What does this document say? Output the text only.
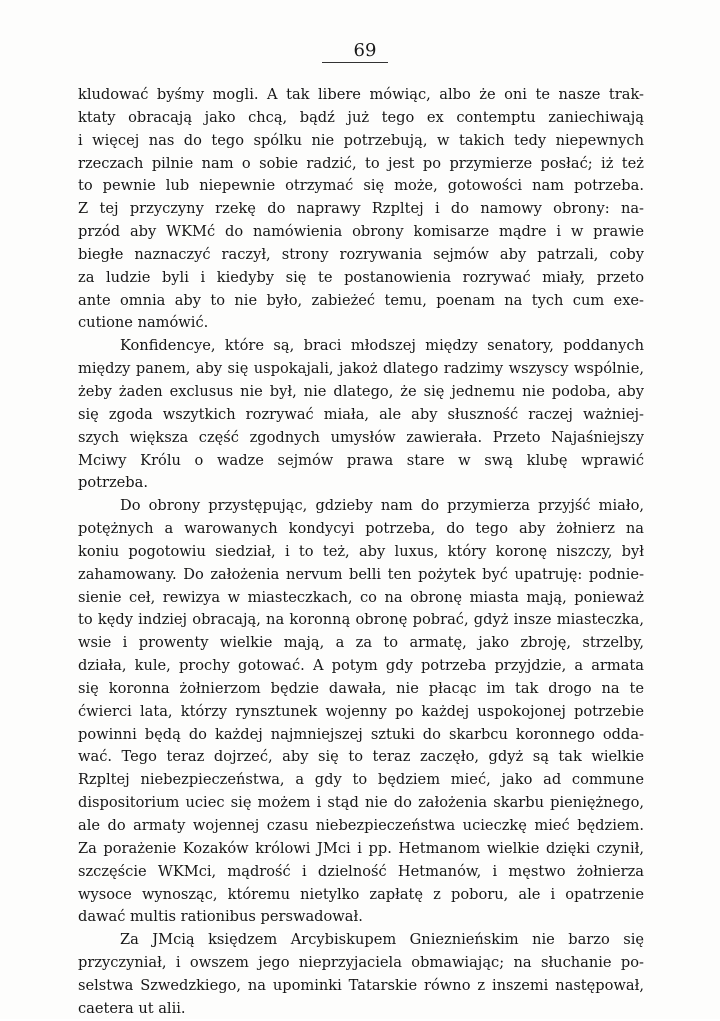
69
kludować byśmy mogli. A tak libere mówiąc, albo że oni te nasze trak-
ktaty obracają jako chcą, bądź już tego ex contemptu zaniechiwają
i więcej nas do tego spólku nie potrzebują, w takich tedy niepewnych
rzeczach pilnie nam o sobie radzić, to jest po przymierze posłać; iż też
to pewnie lub niepewnie otrzymać się może, gotowości nam potrzeba.
Z tej przyczyny rzekę do naprawy Rzpltej i do namowy obrony: na-
przód aby WKMć do namówienia obrony komisarze mądre i w prawie
biegłe naznaczyć raczył, strony rozrywania sejmów aby patrzali, coby
za ludzie byli i kiedyby się te postanowienia rozrywać miały, przeto
ante omnia aby to nie było, zabieżeć temu, poenam na tych cum exe-
cutione namówić.
Konfidencye, które są, braci młodszej między senatory, poddanych
między panem, aby się uspokajali, jakoż dlatego radzimy wszyscy wspólnie,
żeby żaden exclusus nie był, nie dlatego, że się jednemu nie podoba, aby
się zgoda wszytkich rozrywać miała, ale aby słuszność raczej ważniej-
szych większa część zgodnych umysłów zawierała. Przeto Najaśniejszy
Mciwy Królu o wadze sejmów prawa stare w swą klubę wprawić
potrzeba.
Do obrony przystępując, gdzieby nam do przymierza przyjść miało,
potężnych a warowanych kondycyi potrzeba, do tego aby żołnierz na
koniu pogotowiu siedział, i to też, aby luxus, który koronę niszczy, był
zahamowany. Do założenia nervum belli ten pożytek być upatruję: podnie-
sienie ceł, rewizya w miasteczkach, co na obronę miasta mają, ponieważ
to kędy indziej obracają, na koronną obronę pobrać, gdyż insze miasteczka,
wsie i prowenty wielkie mają, a za to armatę, jako zbroję, strzelby,
działa, kule, prochy gotować. A potym gdy potrzeba przyjdzie, a armata
się koronna żołnierzom będzie dawała, nie płacąc im tak drogo na te
ćwierci lata, którzy rynsztunek wojenny po każdej uspokojonej potrzebie
powinni będą do każdej najmniejszej sztuki do skarbcu koronnego odda-
wać. Tego teraz dojrzeć, aby się to teraz zaczęło, gdyż są tak wielkie
Rzpltej niebezpieczeństwa, a gdy to będziem mieć, jako ad commune
dispositorium uciec się możem i stąd nie do założenia skarbu pieniężnego,
ale do armaty wojennej czasu niebezpieczeństwa ucieczkę mieć będziem.
Za porażenie Kozaków królowi JMci i pp. Hetmanom wielkie dzięki czynił,
szczęście WKMci, mądrość i dzielność Hetmanów, i męstwo żołnierza
wysoce wynosząc, któremu nietylko zapłatę z poboru, ale i opatrzenie
dawać multis rationibus perswadował.
Za JMcią księdzem Arcybiskupem Gnieznieńskim nie barzo się
przyczyniał, i owszem jego nieprzyjaciela obmawiając; na słuchanie po-
selstwa Szwedzkiego, na upominki Tatarskie równo z inszemi następował,
caetera ut alii.
